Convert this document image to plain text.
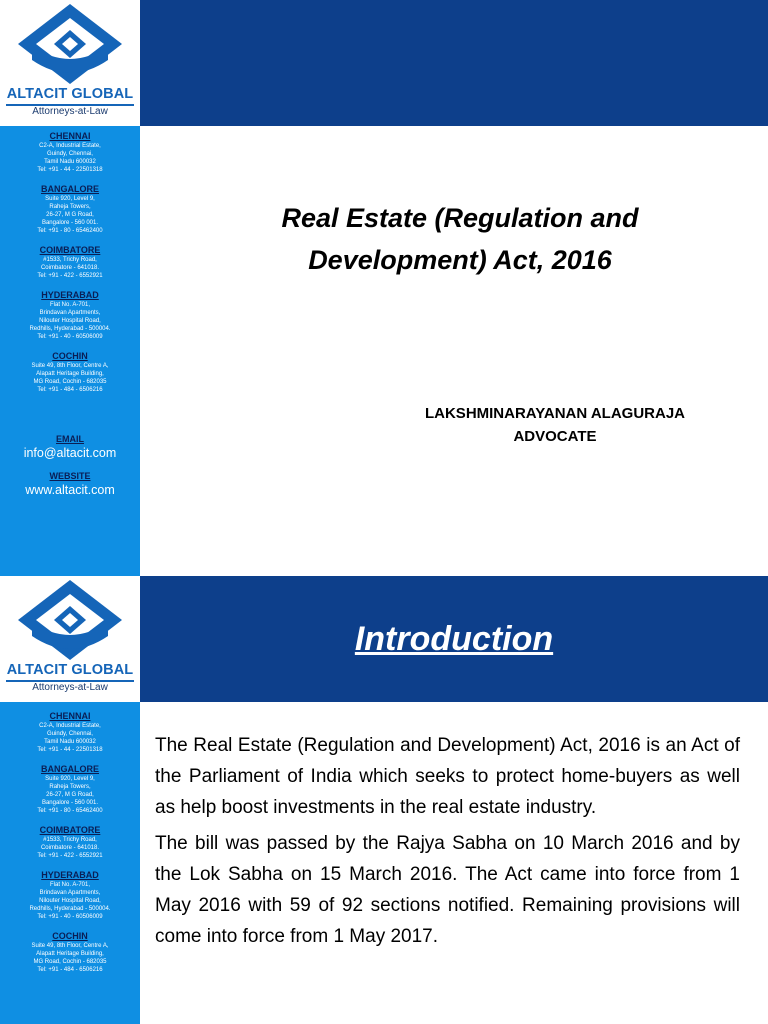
ALTACIT GLOBAL
Attorneys-at-Law
CHENNAI
C2-A, Industrial Estate,
Guindy, Chennai,
Tamil Nadu 600032
Tel: +91 - 44 - 22501318
BANGALORE
Suite 920, Level 9,
Raheja Towers,
26-27, M G Road,
Bangalore - 560 001.
Tel: +91 - 80 - 65462400
COIMBATORE
#1533, Trichy Road,
Coimbatore - 641018.
Tel: +91 - 422 - 6552921
HYDERABAD
Flat No. A-701,
Brindavan Apartments,
Nilouter Hospital Road,
Redhills, Hyderabad - 500004.
Tel: +91 - 40 - 60506009
COCHIN
Suite 49, 8th Floor, Centre A,
Alapatt Heritage Building,
MG Road, Cochin - 682035
Tel: +91 - 484 - 6506216
EMAIL
info@altacit.com
WEBSITE
www.altacit.com
Real Estate (Regulation and
Development) Act, 2016
LAKSHMINARAYANAN ALAGURAJA
ADVOCATE
ALTACIT GLOBAL
Attorneys-at-Law
CHENNAI
C2-A, Industrial Estate,
Guindy, Chennai,
Tamil Nadu 600032
Tel: +91 - 44 - 22501318
BANGALORE
Suite 920, Level 9,
Raheja Towers,
26-27, M G Road,
Bangalore - 560 001.
Tel: +91 - 80 - 65462400
COIMBATORE
#1533, Trichy Road,
Coimbatore - 641018.
Tel: +91 - 422 - 6552921
HYDERABAD
Flat No. A-701,
Brindavan Apartments,
Nilouter Hospital Road,
Redhills, Hyderabad - 500004.
Tel: +91 - 40 - 60506009
COCHIN
Suite 49, 8th Floor, Centre A,
Alapatt Heritage Building,
MG Road, Cochin - 682035
Tel: +91 - 484 - 6506216
Introduction

The Real Estate (Regulation and Development) Act, 2016 is an Act of the Parliament of India which seeks to protect home-buyers as well as help boost investments in the real estate industry.

The bill was passed by the Rajya Sabha on 10 March 2016 and by the Lok Sabha on 15 March 2016. The Act came into force from 1 May 2016 with 59 of 92 sections notified. Remaining provisions will come into force from 1 May 2017.
